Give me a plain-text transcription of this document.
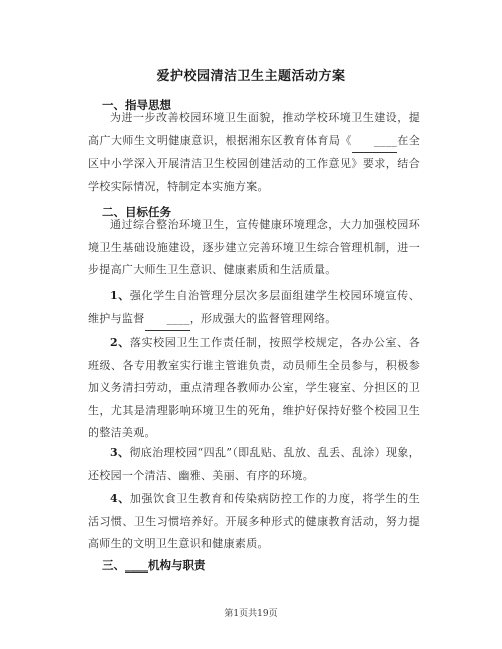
爱护校园清洁卫生主题活动方案
一、指导思想
为进一步改善校园环境卫生面貌，推动学校环境卫生建设，提高广大师生文明健康意识，根据湘东区教育体育局《 ____在全区中小学深入开展清洁卫生校园创建活动的工作意见》要求，结合学校实际情况，特制定本实施方案。
二、目标任务
通过综合整治环境卫生，宣传健康环境理念，大力加强校园环境卫生基础设施建设，逐步建立完善环境卫生综合管理机制，进一步提高广大师生卫生意识、健康素质和生活质量。
1、强化学生自治管理分层次多层面组建学生校园环境宣传、维护与监督 ____，形成强大的监督管理网络。
2、落实校园卫生工作责任制，按照学校规定，各办公室、各班级、各专用教室实行谁主管谁负责，动员师生全员参与，积极参加义务清扫劳动，重点清理各教师办公室，学生寝室、分担区的卫生，尤其是清理影响环境卫生的死角，维护好保持好整个校园卫生的整洁美观。
3、彻底治理校园“四乱”（即乱贴、乱放、乱丢、乱涂）现象，还校园一个清洁、幽雅、美丽、有序的环境。
4、加强饮食卫生教育和传染病防控工作的力度，将学生的生活习惯、卫生习惯培养好。开展多种形式的健康教育活动，努力提高师生的文明卫生意识和健康素质。
三、____机构与职责
第1页共19页
